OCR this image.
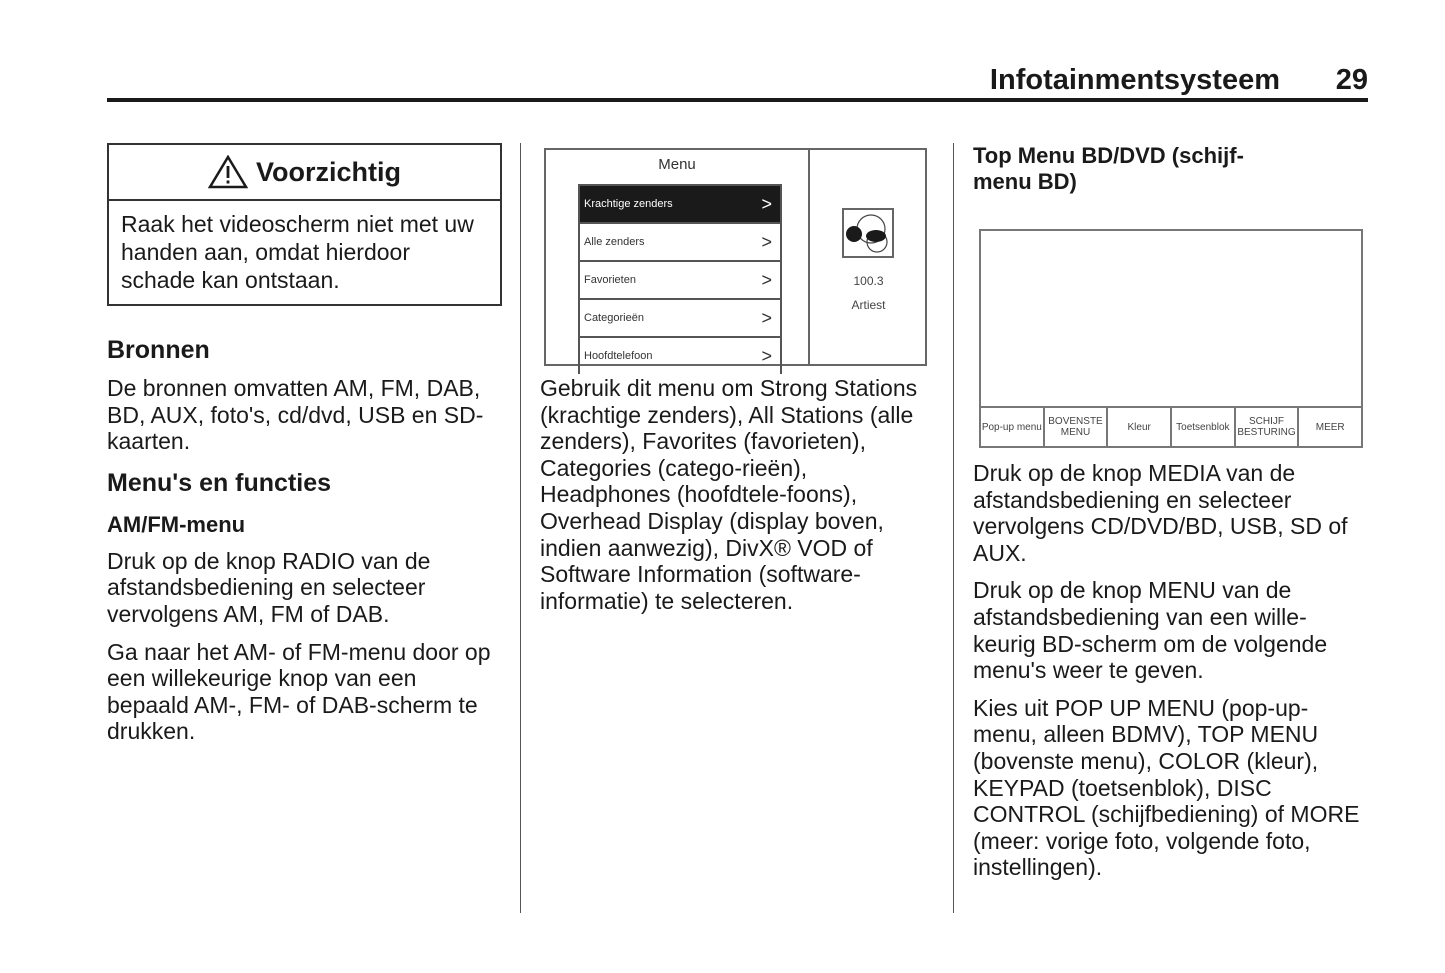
Infotainmentsysteem 29
Voorzichtig
Raak het videoscherm niet met uw handen aan, omdat hierdoor schade kan ontstaan.
Bronnen

De bronnen omvatten AM, FM, DAB, BD, AUX, foto's, cd/dvd, USB en SD-kaarten.

Menu's en functies
AM/FM-menu

Druk op de knop RADIO van de afstandsbediening en selecteer vervolgens AM, FM of DAB.

Ga naar het AM- of FM-menu door op een willekeurige knop van een bepaald AM-, FM- of DAB-scherm te drukken.

Menu
Krachtige zenders	>
Alle zenders	>
Favorieten	>
Categorieën	>
Hoofdtelefoon	>
100.3
Artiest

Gebruik dit menu om Strong Stations (krachtige zenders), All Stations (alle zenders), Favorites (favorieten), Categories (catego-rieën), Headphones (hoofdtele-foons), Overhead Display (display boven, indien aanwezig), DivX® VOD of Software Information (software-informatie) te selecteren.

Top Menu BD/DVD (schijf-menu BD)
Pop-up menu BOVENSTE MENU	Kleur	Toetsenblok	SCHIJF BESTURING	MEER

Druk op de knop MEDIA van de afstandsbediening en selecteer vervolgens CD/DVD/BD, USB, SD of AUX.

Druk op de knop MENU van de afstandsbediening van een wille-keurig BD-scherm om de volgende menu's weer te geven.

Kies uit POP UP MENU (pop-up-menu, alleen BDMV), TOP MENU (bovenste menu), COLOR (kleur), KEYPAD (toetsenblok), DISC CONTROL (schijfbediening) of MORE (meer: vorige foto, volgende foto, instellingen).
